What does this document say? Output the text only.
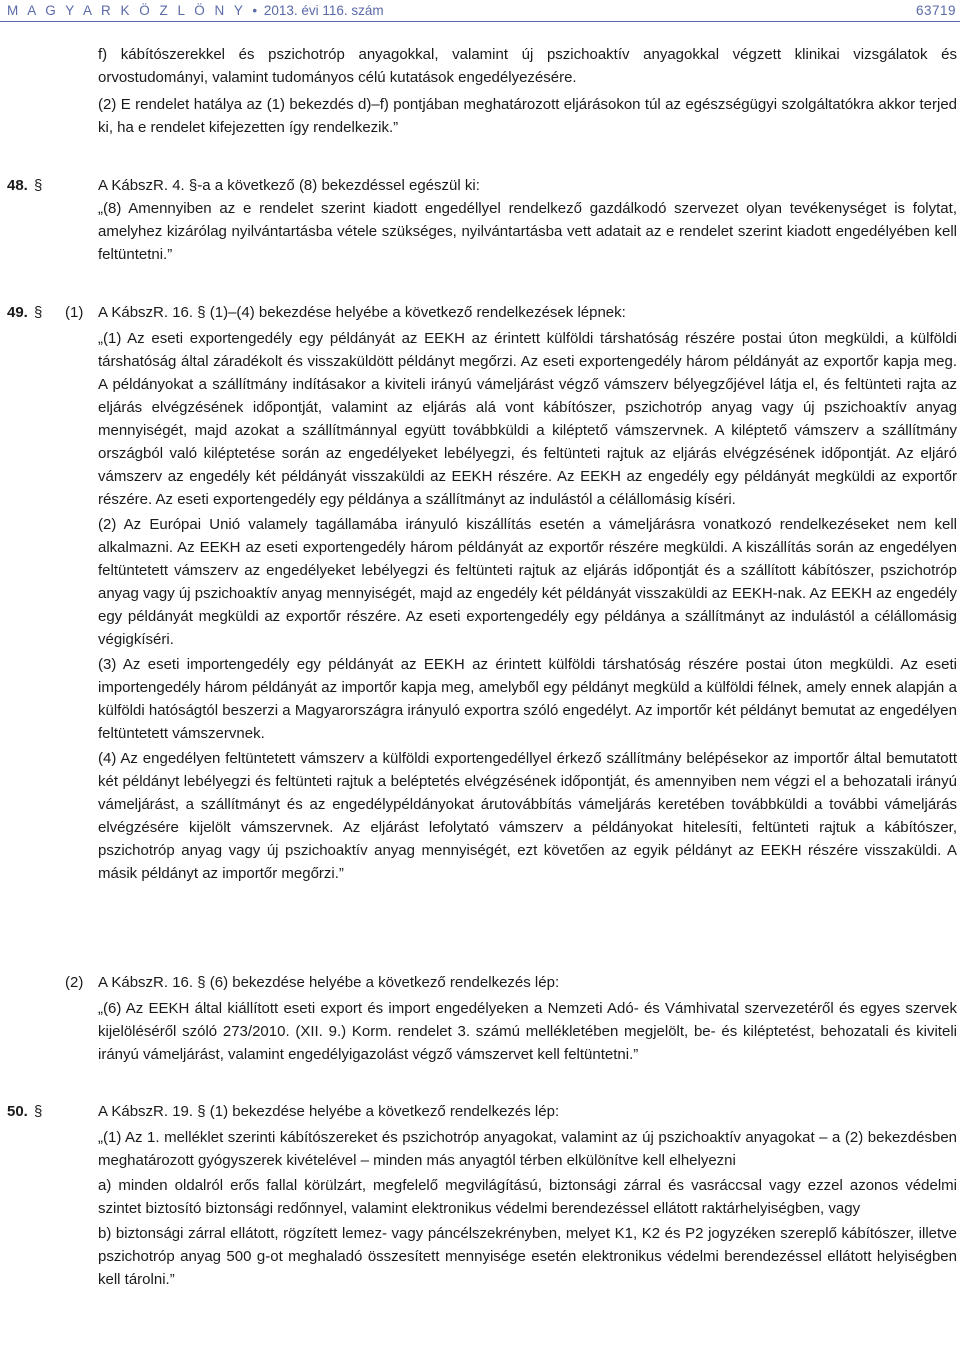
M A G Y A R K Ö Z L Ö N Y • 2013. évi 116. szám	63719

f) kábítószerekkel és pszichotróp anyagokkal, valamint új pszichoaktív anyagokkal végzett klinikai vizsgálatok és orvostudományi, valamint tudományos célú kutatások engedélyezésére.

(2) E rendelet hatálya az (1) bekezdés d)–f) pontjában meghatározott eljárásokon túl az egészségügyi szolgáltatókra akkor terjed ki, ha e rendelet kifejezetten így rendelkezik.”

48. §	A KábszR. 4. §-a a következő (8) bekezdéssel egészül ki:

„(8) Amennyiben az e rendelet szerint kiadott engedéllyel rendelkező gazdálkodó szervezet olyan tevékenységet is folytat, amelyhez kizárólag nyilvántartásba vétele szükséges, nyilvántartásba vett adatait az e rendelet szerint kiadott engedélyében kell feltüntetni.”

49. § (1) A KábszR. 16. § (1)–(4) bekezdése helyébe a következő rendelkezések lépnek:

„(1) Az eseti exportengedély egy példányát az EEKH az érintett külföldi társhatóság részére postai úton megküldi, a külföldi társhatóság által záradékolt és visszaküldött példányt megőrzi. Az eseti exportengedély három példányát az exportőr kapja meg. A példányokat a szállítmány indításakor a kiviteli irányú vámeljárást végző vámszerv bélyegzőjével látja el, és feltünteti rajta az eljárás elvégzésének időpontját, valamint az eljárás alá vont kábítószer, pszichotróp anyag vagy új pszichoaktív anyag mennyiségét, majd azokat a szállítmánnyal együtt továbbküldi a kiléptető vámszervnek. A kiléptető vámszerv a szállítmány országból való kiléptetése során az engedélyeket lebélyegzi, és feltünteti rajtuk az eljárás elvégzésének időpontját. Az eljáró vámszerv az engedély két példányát visszaküldi az EEKH részére. Az EEKH az engedély egy példányát megküldi az exportőr részére. Az eseti exportengedély egy példánya a szállítmányt az indulástól a célállomásig kíséri.

(2) Az Európai Unió valamely tagállamába irányuló kiszállítás esetén a vámeljárásra vonatkozó rendelkezéseket nem kell alkalmazni. Az EEKH az eseti exportengedély három példányát az exportőr részére megküldi. A kiszállítás során az engedélyen feltüntetett vámszerv az engedélyeket lebélyegzi és feltünteti rajtuk az eljárás időpontját és a szállított kábítószer, pszichotróp anyag vagy új pszichoaktív anyag mennyiségét, majd az engedély két példányát visszaküldi az EEKH-nak. Az EEKH az engedély egy példányát megküldi az exportőr részére. Az eseti exportengedély egy példánya a szállítmányt az indulástól a célállomásig végigkíséri.

(3) Az eseti importengedély egy példányát az EEKH az érintett külföldi társhatóság részére postai úton megküldi. Az eseti importengedély három példányát az importőr kapja meg, amelyből egy példányt megküld a külföldi félnek, amely ennek alapján a külföldi hatóságtól beszerzi a Magyarországra irányuló exportra szóló engedélyt. Az importőr két példányt bemutat az engedélyen feltüntetett vámszervnek.

(4) Az engedélyen feltüntetett vámszerv a külföldi exportengedéllyel érkező szállítmány belépésekor az importőr által bemutatott két példányt lebélyegzi és feltünteti rajtuk a beléptetés elvégzésének időpontját, és amennyiben nem végzi el a behozatali irányú vámeljárást, a szállítmányt és az engedélypéldányokat árutovábbítás vámeljárás keretében továbbküldi a további vámeljárás elvégzésére kijelölt vámszervnek. Az eljárást lefolytató vámszerv a példányokat hitelesíti, feltünteti rajtuk a kábítószer, pszichotróp anyag vagy új pszichoaktív anyag mennyiségét, ezt követően az egyik példányt az EEKH részére visszaküldi. A másik példányt az importőr megőrzi.”

(2) A KábszR. 16. § (6) bekezdése helyébe a következő rendelkezés lép:

„(6) Az EEKH által kiállított eseti export és import engedélyeken a Nemzeti Adó- és Vámhivatal szervezetéről és egyes szervek kijelöléséről szóló 273/2010. (XII. 9.) Korm. rendelet 3. számú mellékletében megjelölt, be- és kiléptetést, behozatali és kiviteli irányú vámeljárást, valamint engedélyigazolást végző vámszervet kell feltüntetni.”

50. §	A KábszR. 19. § (1) bekezdése helyébe a következő rendelkezés lép:

„(1) Az 1. melléklet szerinti kábítószereket és pszichotróp anyagokat, valamint az új pszichoaktív anyagokat – a (2) bekezdésben meghatározott gyógyszerek kivételével – minden más anyagtól térben elkülönítve kell elhelyezni

a) minden oldalról erős fallal körülzárt, megfelelő megvilágítású, biztonsági zárral és vasráccsal vagy ezzel azonos védelmi szintet biztosító biztonsági redőnnyel, valamint elektronikus védelmi berendezéssel ellátott raktárhelyiségben, vagy

b) biztonsági zárral ellátott, rögzített lemez- vagy páncélszekrényben, melyet K1, K2 és P2 jogyzéken szereplő kábítószer, illetve pszichotróp anyag 500 g-ot meghaladó összesített mennyisége esetén elektronikus védelmi berendezéssel ellátott helyiségben kell tárolni.”
